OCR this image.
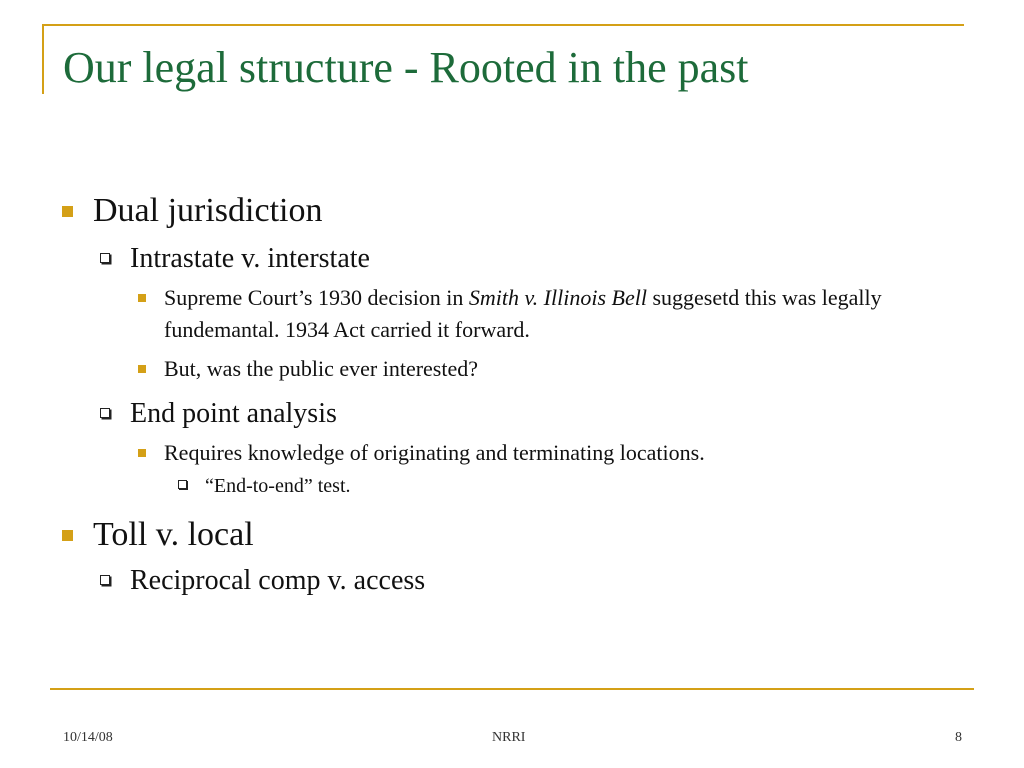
Our legal structure - Rooted in the past
Dual jurisdiction
Intrastate v. interstate
Supreme Court’s 1930 decision in Smith v. Illinois Bell suggesetd this was legally fundemantal. 1934 Act carried it forward.
But, was the public ever interested?
End point analysis
Requires knowledge of originating and terminating locations.
“End-to-end” test.
Toll v. local
Reciprocal comp v. access
10/14/08	NRRI	8
